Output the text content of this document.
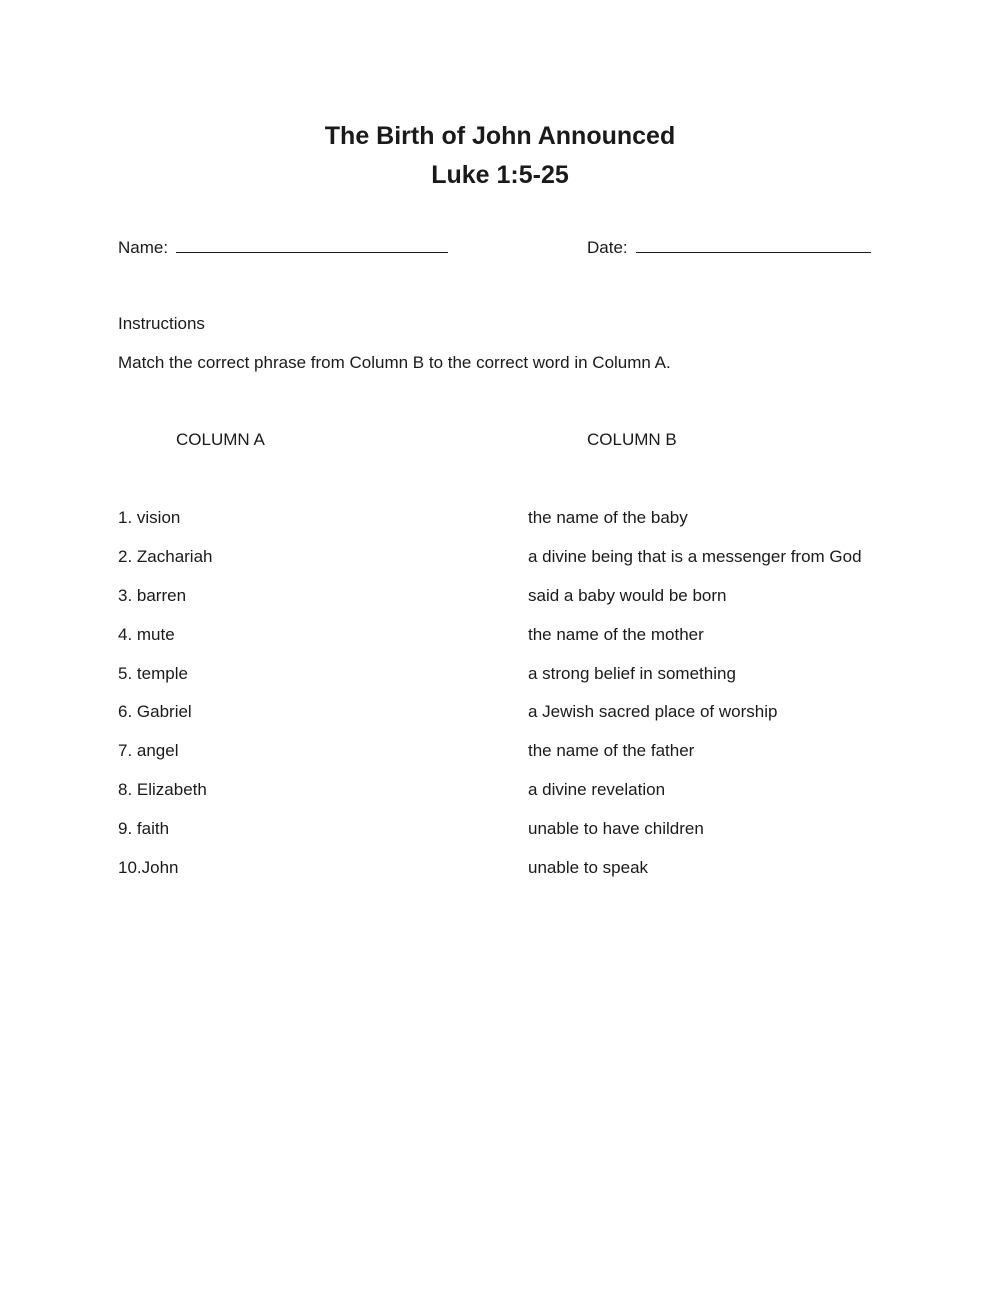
The Birth of John Announced
Luke 1:5-25
Name:	Date:
Instructions
Match the correct phrase from Column B to the correct word in Column A.
COLUMN A	COLUMN B
1. vision
2. Zachariah
3. barren
4. mute
5. temple
6. Gabriel
7. angel
8. Elizabeth
9. faith
10.John
the name of the baby
a divine being that is a messenger from God
said a baby would be born
the name of the mother
a strong belief in something
a Jewish sacred place of worship
the name of the father
a divine revelation
unable to have children
unable to speak
